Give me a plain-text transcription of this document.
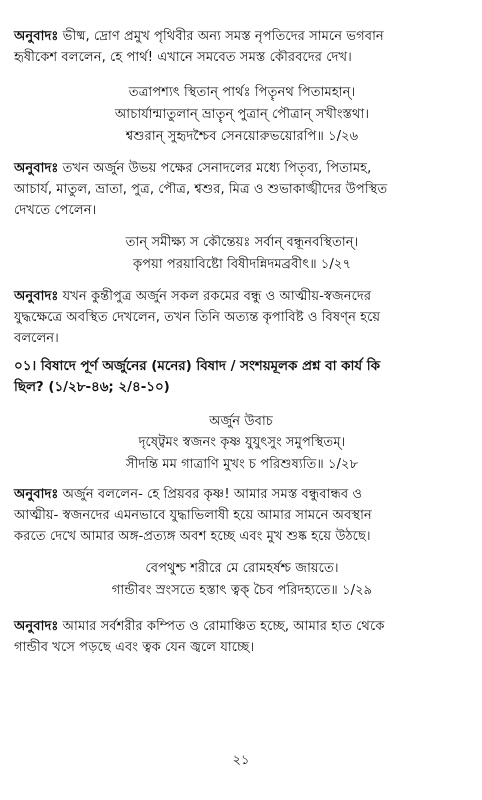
অনুবাদঃ ভীষ্ম, দ্রোণ প্রমুখ পৃথিবীর অন্য সমস্ত নৃপতিদের সামনে ভগবান

হৃষীকেশ বললেন, হে পার্থ! এখানে সমবেত সমস্ত কৌরবদের দেখ।

তত্রাপশ্যৎ স্থিতান্ পার্থঃ পিতৄনথ পিতামহান্।

আচার্যান্মাতুলান্ ভ্রাতৄন্ পুত্রান্ পৌত্রান্ সখীংস্তথা।

শ্বশুরান্ সুহৃদশ্চৈব সেনয়োরুভয়োরপি॥ ১/২৬

অনুবাদঃ তখন অর্জুন উভয় পক্ষের সেনাদলের মধ্যে পিতৃব্য, পিতামহ,

আচার্য, মাতুল, ভ্রাতা, পুত্র, পৌত্র, শ্বশুর, মিত্র ও শুভাকাঙ্খীদের উপস্থিত

দেখতে পেলেন।

তান্ সমীক্ষ্য স কৌন্তেয়ঃ সর্বান্ বন্ধূনবস্থিতান্।

কৃপয়া পরয়াবিষ্টো বিষীদন্নিদমব্রবীৎ॥ ১/২৭

অনুবাদঃ যখন কুন্তীপুত্র অর্জুন সকল রকমের বন্ধু ও আত্মীয়-স্বজনদের

যুদ্ধক্ষেত্রে অবস্থিত দেখলেন, তখন তিনি অত্যন্ত কৃপাবিষ্ট ও বিষণ্ন হয়ে

বললেন।

০১। বিষাদে পূর্ণ অর্জুনের (মনের) বিষাদ / সংশয়মূলক প্রশ্ন বা কার্য কি

ছিল? (১/২৮-৪৬; ২/৪-১০)

অর্জুন উবাচ

দৃষ্ট্বেমং স্বজনং কৃষ্ণ যুযুৎসুং সমুপস্থিতম্।

সীদন্তি মম গাত্রাণি মুখং চ পরিশুষ্যতি॥ ১/২৮

অনুবাদঃ অর্জুন বললেন- হে প্রিয়বর কৃষ্ণ! আমার সমস্ত বন্ধুবান্ধব ও

আত্মীয়- স্বজনদের এমনভাবে যুদ্ধাভিলাষী হয়ে আমার সামনে অবস্থান

করতে দেখে আমার অঙ্গ-প্রত্যঙ্গ অবশ হচ্ছে এবং মুখ শুষ্ক হয়ে উঠছে।

বেপথুশ্চ শরীরে মে রোমহর্ষশ্চ জায়তে।

গান্ডীবং স্রংসতে হস্তাৎ ত্বক্ চৈব পরিদহ্যতে॥ ১/২৯

অনুবাদঃ আমার সর্বশরীর কম্পিত ও রোমাঞ্চিত হচ্ছে, আমার হাত থেকে

গান্ডীব খসে পড়ছে এবং ত্বক যেন জ্বলে যাচ্ছে।

২১
